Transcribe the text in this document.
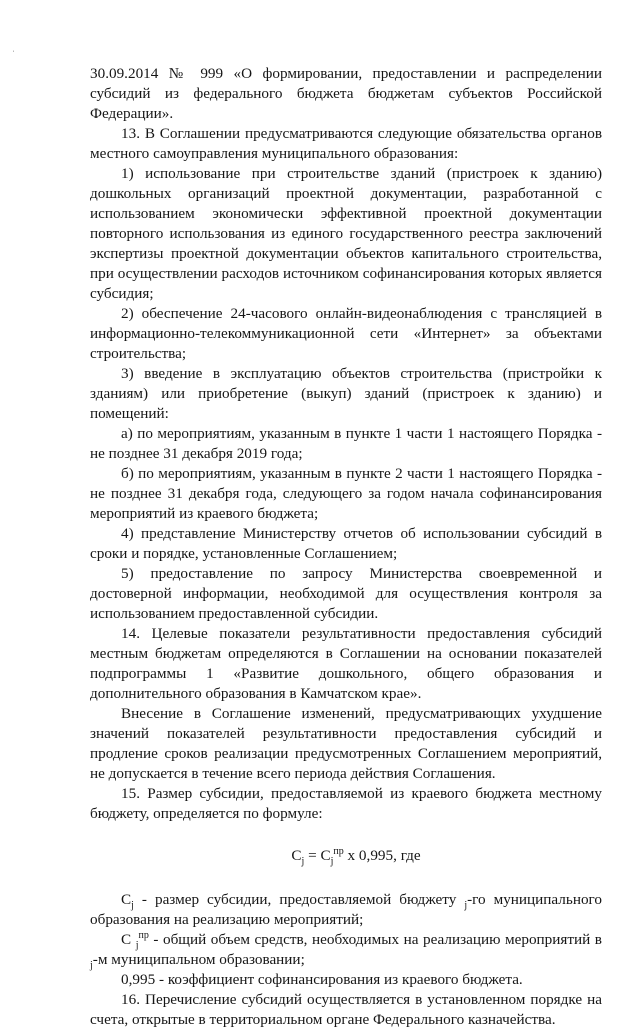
ˈ

30.09.2014 № 999 «О формировании, предоставлении и распределении субсидий из федерального бюджета бюджетам субъектов Российской Федерации».

13. В Соглашении предусматриваются следующие обязательства органов местного самоуправления муниципального образования:

1) использование при строительстве зданий (пристроек к зданию) дошкольных организаций проектной документации, разработанной с использованием экономически эффективной проектной документации повторного использования из единого государственного реестра заключений экспертизы проектной документации объектов капитального строительства, при осуществлении расходов источником софинансирования которых является субсидия;

2) обеспечение 24-часового онлайн-видеонаблюдения с трансляцией в информационно-телекоммуникационной сети «Интернет» за объектами строительства;

3) введение в эксплуатацию объектов строительства (пристройки к зданиям) или приобретение (выкуп) зданий (пристроек к зданию) и помещений:

а) по мероприятиям, указанным в пункте 1 части 1 настоящего Порядка - не позднее 31 декабря 2019 года;

б) по мероприятиям, указанным в пункте 2 части 1 настоящего Порядка - не позднее 31 декабря года, следующего за годом начала софинансирования мероприятий из краевого бюджета;

4) представление Министерству отчетов об использовании субсидий в сроки и порядке, установленные Соглашением;

5) предоставление по запросу Министерства своевременной и достоверной информации, необходимой для осуществления контроля за использованием предоставленной субсидии.

14. Целевые показатели результативности предоставления субсидий местным бюджетам определяются в Соглашении на основании показателей подпрограммы 1 «Развитие дошкольного, общего образования и дополнительного образования в Камчатском крае».

Внесение в Соглашение изменений, предусматривающих ухудшение значений показателей результативности предоставления субсидий и продление сроков реализации предусмотренных Соглашением мероприятий, не допускается в течение всего периода действия Соглашения.

15. Размер субсидии, предоставляемой из краевого бюджета местному бюджету, определяется по формуле:

$C_j = C_j^{пр}$ x 0,995, где

$C_j$ - размер субсидии, предоставляемой бюджету $_j$-го муниципального образования на реализацию мероприятий;

C $_j^{пр}$ - общий объем средств, необходимых на реализацию мероприятий в $_j$-м муниципальном образовании;

0,995 - коэффициент софинансирования из краевого бюджета.

16. Перечисление субсидий осуществляется в установленном порядке на счета, открытые в территориальном органе Федерального казначейства.
